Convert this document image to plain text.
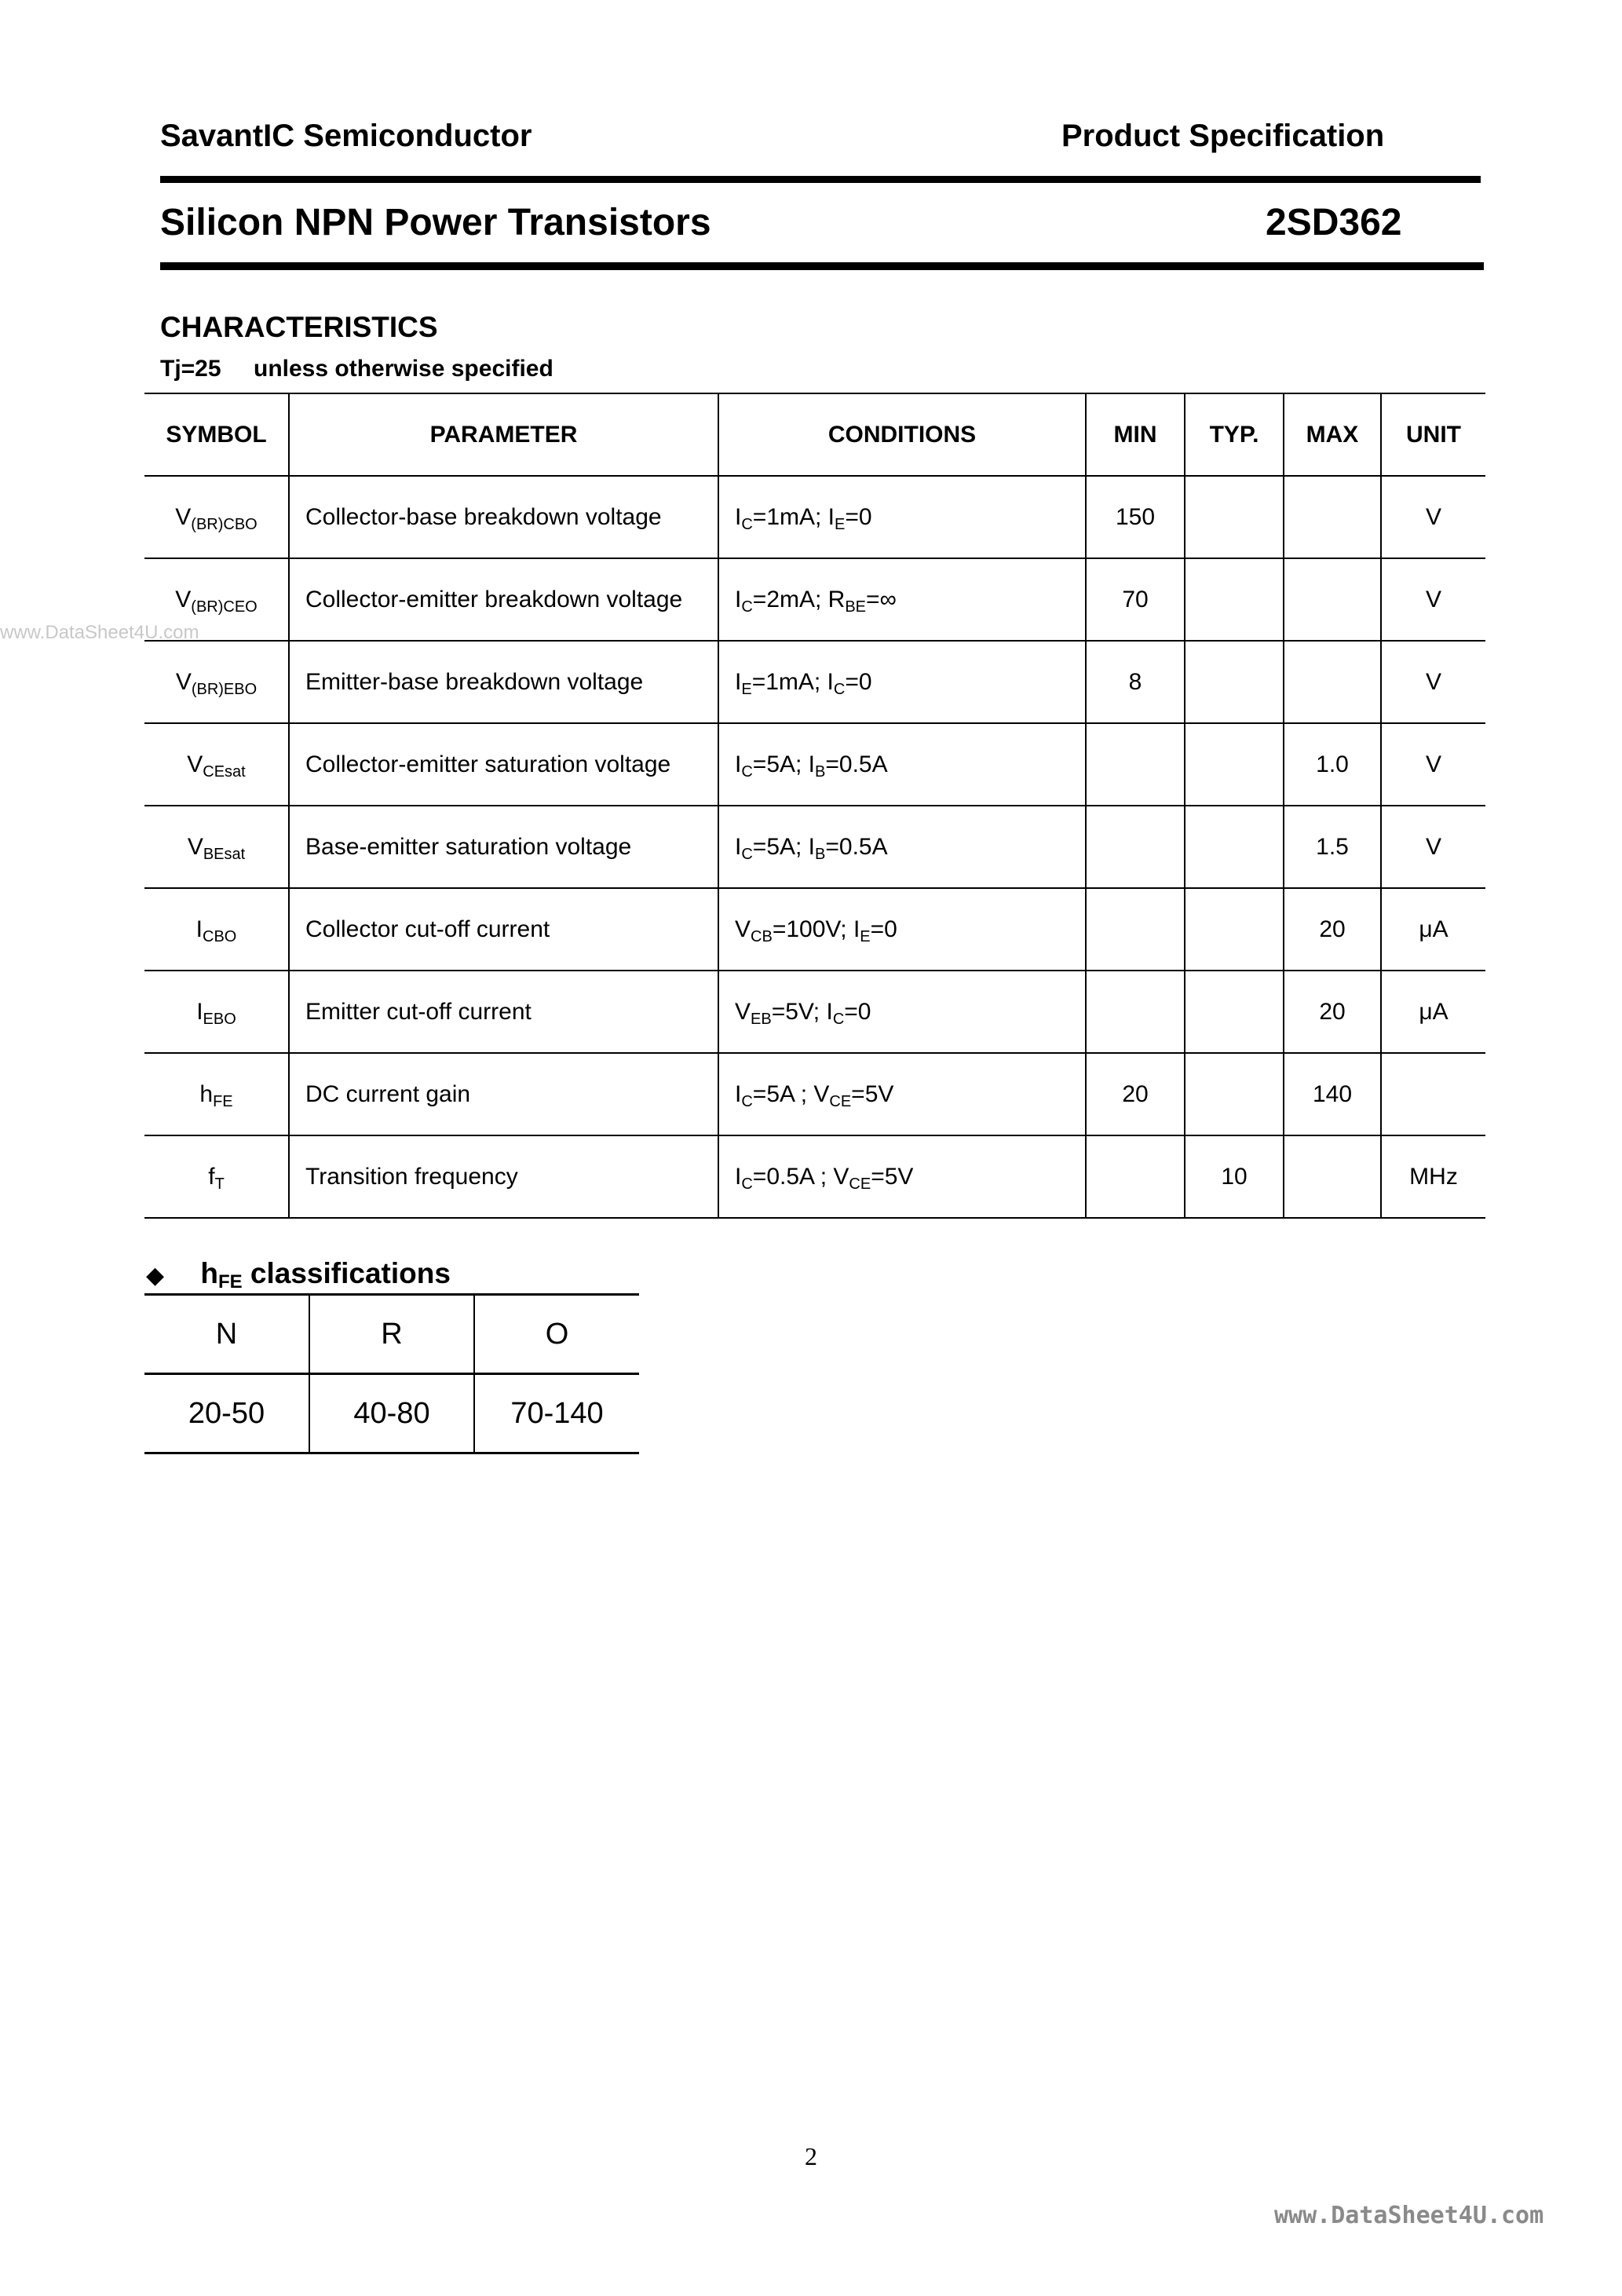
SavantIC Semiconductor	Product Specification
Silicon NPN Power Transistors	2SD362
CHARACTERISTICS
Tj=25 unless otherwise specified
SYMBOL	PARAMETER	CONDITIONS	MIN	TYP.	MAX	UNIT
$V_{(BR)CBO}$	Collector-base breakdown voltage	$I_C=1mA$; $I_E=0$	150			V
$V_{(BR)CEO}$	Collector-emitter breakdown voltage	$I_C=2mA$; $R_{BE}=\infty$	70			V
$V_{(BR)EBO}$	Emitter-base breakdown voltage	$I_E=1mA$; $I_C=0$	8			V
$V_{CEsat}$	Collector-emitter saturation voltage	$I_C=5A$; $I_B=0.5A$			1.0	V
$V_{BEsat}$	Base-emitter saturation voltage	$I_C=5A$; $I_B=0.5A$			1.5	V
$I_{CBO}$	Collector cut-off current	$V_{CB}=100V$; $I_E=0$			20	μA
$I_{EBO}$	Emitter cut-off current	$V_{EB}=5V$; $I_C=0$			20	μA
$h_{FE}$	DC current gain	$I_C=5A$ ; $V_{CE}=5V$	20		140	
$f_T$	Transition frequency	$I_C=0.5A$ ; $V_{CE}=5V$		10		MHz
◆ $h_{FE}$ classifications
N	R	O
20-50	40-80	70-140
2
www.DataSheet4U.com
www.DataSheet4U.com
